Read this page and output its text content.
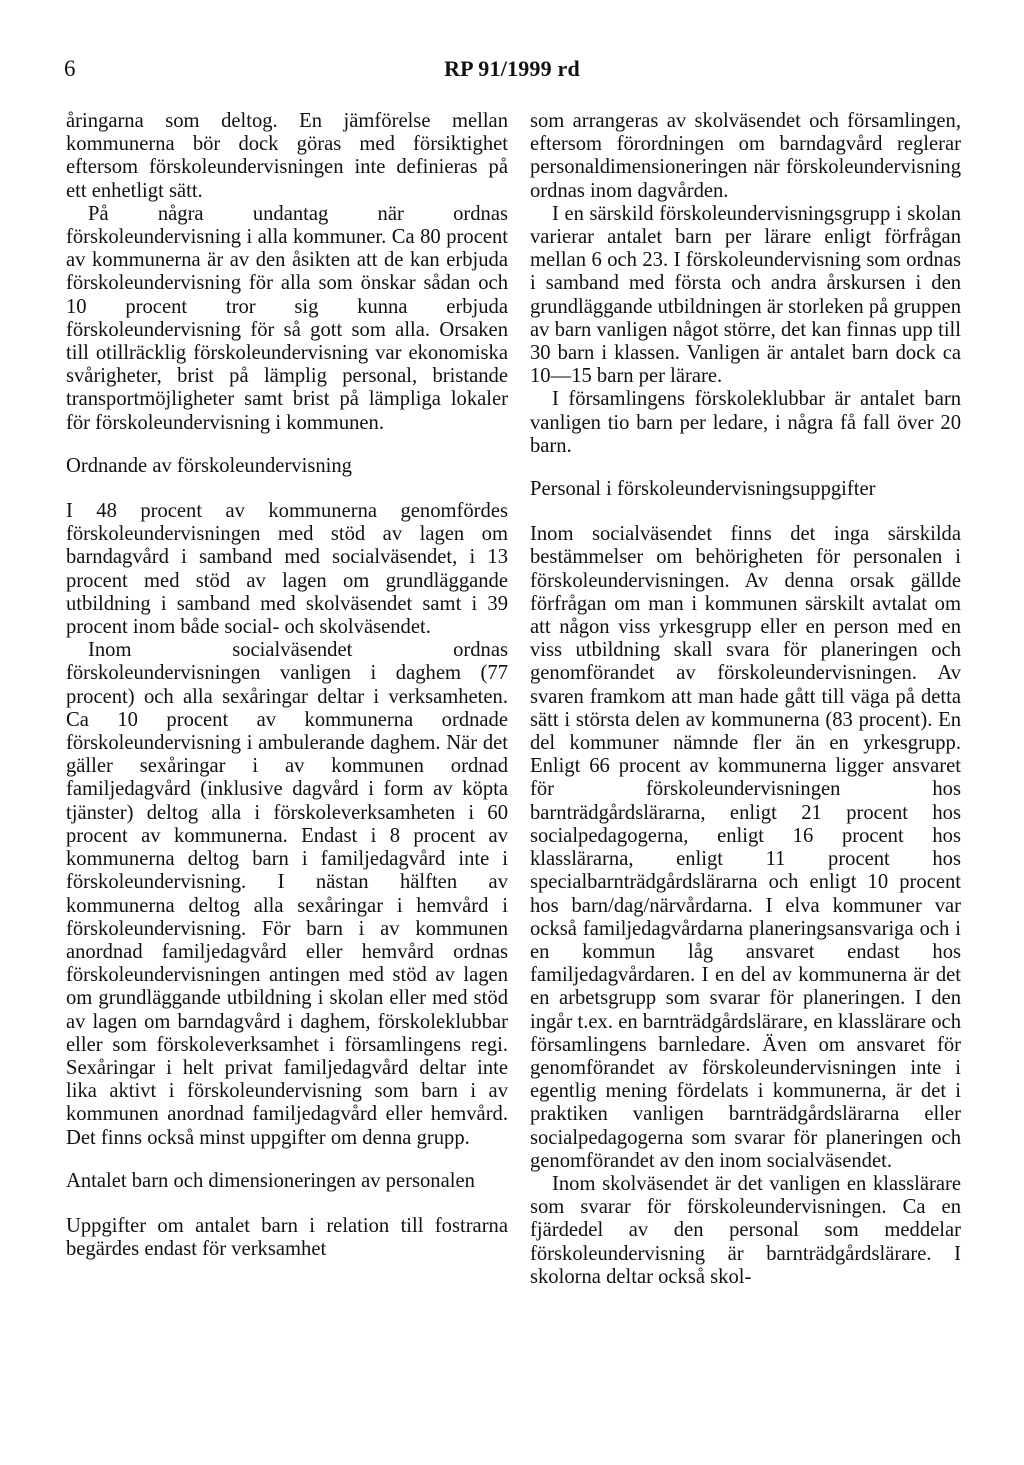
6	RP 91/1999 rd

åringarna som deltog. En jämförelse mellan kommunerna bör dock göras med försiktighet eftersom förskoleundervisningen inte definieras på ett enhetligt sätt.

På några undantag när ordnas förskoleundervisning i alla kommuner. Ca 80 procent av kommunerna är av den åsikten att de kan erbjuda förskoleundervisning för alla som önskar sådan och 10 procent tror sig kunna erbjuda förskoleundervisning för så gott som alla. Orsaken till otillräcklig förskoleundervisning var ekonomiska svårigheter, brist på lämplig personal, bristande transportmöjligheter samt brist på lämpliga lokaler för förskoleundervisning i kommunen.

Ordnande av förskoleundervisning

I 48 procent av kommunerna genomfördes förskoleundervisningen med stöd av lagen om barndagvård i samband med socialväsendet, i 13 procent med stöd av lagen om grundläggande utbildning i samband med skolväsendet samt i 39 procent inom både social- och skolväsendet.

Inom socialväsendet ordnas förskoleundervisningen vanligen i daghem (77 procent) och alla sexåringar deltar i verksamheten. Ca 10 procent av kommunerna ordnade förskoleundervisning i ambulerande daghem. När det gäller sexåringar i av kommunen ordnad familjedagvård (inklusive dagvård i form av köpta tjänster) deltog alla i förskoleverksamheten i 60 procent av kommunerna. Endast i 8 procent av kommunerna deltog barn i familjedagvård inte i förskoleundervisning. I nästan hälften av kommunerna deltog alla sexåringar i hemvård i förskoleundervisning. För barn i av kommunen anordnad familjedagvård eller hemvård ordnas förskoleundervisningen antingen med stöd av lagen om grundläggande utbildning i skolan eller med stöd av lagen om barndagvård i daghem, förskoleklubbar eller som förskoleverksamhet i församlingens regi. Sexåringar i helt privat familjedagvård deltar inte lika aktivt i förskoleundervisning som barn i av kommunen anordnad familjedagvård eller hemvård. Det finns också minst uppgifter om denna grupp.

Antalet barn och dimensioneringen av personalen

Uppgifter om antalet barn i relation till fostrarna begärdes endast för verksamhet

som arrangeras av skolväsendet och församlingen, eftersom förordningen om barndagvård reglerar personaldimensioneringen när förskoleundervisning ordnas inom dagvården.

I en särskild förskoleundervisningsgrupp i skolan varierar antalet barn per lärare enligt förfrågan mellan 6 och 23. I förskoleundervisning som ordnas i samband med första och andra årskursen i den grundläggande utbildningen är storleken på gruppen av barn vanligen något större, det kan finnas upp till 30 barn i klassen. Vanligen är antalet barn dock ca 10—15 barn per lärare.

I församlingens förskoleklubbar är antalet barn vanligen tio barn per ledare, i några få fall över 20 barn.

Personal i förskoleundervisningsuppgifter

Inom socialväsendet finns det inga särskilda bestämmelser om behörigheten för personalen i förskoleundervisningen. Av denna orsak gällde förfrågan om man i kommunen särskilt avtalat om att någon viss yrkesgrupp eller en person med en viss utbildning skall svara för planeringen och genomförandet av förskoleundervisningen. Av svaren framkom att man hade gått till väga på detta sätt i största delen av kommunerna (83 procent). En del kommuner nämnde fler än en yrkesgrupp. Enligt 66 procent av kommunerna ligger ansvaret för förskoleundervisningen hos barnträdgårdslärarna, enligt 21 procent hos socialpedagogerna, enligt 16 procent hos klasslärarna, enligt 11 procent hos specialbarnträdgårdslärarna och enligt 10 procent hos barn/dag/närvårdarna. I elva kommuner var också familjedagvårdarna planeringsansvariga och i en kommun låg ansvaret endast hos familjedagvårdaren. I en del av kommunerna är det en arbetsgrupp som svarar för planeringen. I den ingår t.ex. en barnträdgårdslärare, en klasslärare och församlingens barnledare. Även om ansvaret för genomförandet av förskoleundervisningen inte i egentlig mening fördelats i kommunerna, är det i praktiken vanligen barnträdgårdslärarna eller socialpedagogerna som svarar för planeringen och genomförandet av den inom socialväsendet.

Inom skolväsendet är det vanligen en klasslärare som svarar för förskoleundervisningen. Ca en fjärdedel av den personal som meddelar förskoleundervisning är barnträdgårdslärare. I skolorna deltar också skol-
